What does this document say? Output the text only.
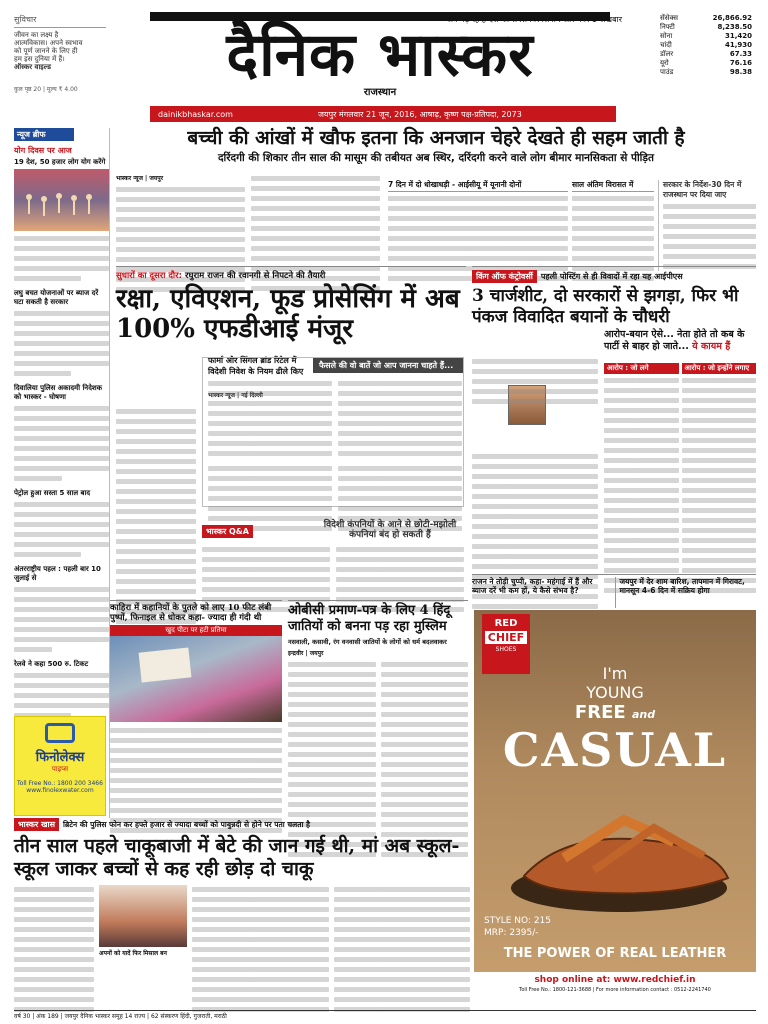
सुविचार
जीवन का लक्ष्य है
आत्मविकास। अपने स्वभाव
को पूर्ण जानने के लिए ही
हम इस दुनिया में हैं।
ऑस्कर वाइल्ड
कुल पृष्ठ 20 | मूल्य ₹ 4.00
अब पढ़ रहे हैं देश का सबसे विश्वसनीय और नंबर 1 अखबार
दैनिक भास्कर
राजस्थान
सेंसेक्स	26,866.92
निफ्टी	8,238.50
सोना	31,420
चांदी	41,930
डॉलर	67.33
यूरो	76.16
पाउंड	98.38
dainikbhaskar.com	जयपुर मंगलवार 21 जून, 2016, आषाढ़, कृष्ण पक्ष-प्रतिपदा, 2073
न्यूज ब्रीफ
योग दिवस पर आज
19 देश, 50 हजार लोग योग करेंगे
लघु बचत योजनाओं पर ब्याज दरें घटा सकती है सरकार
दिवालिया पुलिस अकादमी निदेशक को भास्कर - घोषणा
पेट्रोल हुआ सस्ता 5 साल बाद
अंतरराष्ट्रीय पहल : पहली बार 10 जुलाई से
रेलवे ने कहा 500 रु. टिकट
फिनोलेक्स
पाइप्स
Toll Free No.: 1800 200 3466
www.finolexwater.com
बच्ची की आंखों में खौफ इतना कि अनजान चेहरे देखते ही सहम जाती है
दरिंदगी की शिकार तीन साल की मासूम की तबीयत अब स्थिर, दरिंदगी करने वाले लोग बीमार मानसिकता से पीड़ित
भास्कर न्यूज | जयपुर
7 दिन में दो धोखाधड़ी - आईसीयू में यूनानी दोनों	साल अंतिम विरासत में	सरकार के निर्देश-30 दिन में राजस्थान पर दिया जाए
सुधारों का दूसरा दौर: रघुराम राजन की रवानगी से निपटने की तैयारी
रक्षा, एविएशन, फूड प्रोसेसिंग में अब 100% एफडीआई मंजूर
फार्मा और सिंगल ब्रांड रिटेल में विदेशी निवेश के नियम ढीले किए
भास्कर न्यूज | नई दिल्ली
फैसले की वो बातें जो आप जानना चाहते हैं...
भास्कर Q&A
विदेशी कंपनियों के आने से छोटी-मझोली कंपनियां बंद हो सकती हैं
किंग ऑफ कंट्रोवर्सी	पहली पोस्टिंग से ही विवादों में रहा यह आईपीएस
3 चार्जशीट, दो सरकारों से झगड़ा, फिर भी पंकज विवादित बयानों के चौधरी
आरोप-बयान ऐसे... नेता होते तो कब के पार्टी से बाहर हो जाते... ये कायम हैं
आरोप : जो लगे	आरोप : जो इन्होंने लगाए
राजन ने तोड़ी चुप्पी, कहा- महंगाई में हैं और ब्याज दरें भी कम हों, ये कैसे संभव है?
जयपुर में देर शाम बारिश, तापमान में गिरावट, मानसून 4-6 दिन में सक्रिय होगा
काहिरा में कहानियों के पुतले को लाए 10 फीट लंबी पुष्पों, फिनाइल से धोकर कहा- ज्यादा ही गंदी थी
खुद पीटा पर हटी प्रतिमा
ओबीसी प्रमाण-पत्र के लिए 4 हिंदू जातियों को बनना पड़ रहा मुस्लिम
नसवाली, कसावी, रंग वनवासी जातियों के लोगों को धर्म बदलवाकर
इन्द्रवीर | जयपुर
RED
CHIEF
SHOES
I'm
YOUNG
FREE and
CASUAL
STYLE NO: 215
MRP: 2395/-
THE POWER OF REAL LEATHER
shop online at: www.redchief.in
Toll Free No.: 1800-121-3688 | For more information contact : 0512-2241740
भास्कर खास	ब्रिटेन की पुलिस फोन कर हफ्ते हजार से ज्यादा बच्चों को पाबुन्नदी से होने पर पता चलता है
तीन साल पहले चाकूबाजी में बेटे की जान गई थी, मां अब स्कूल-स्कूल जाकर बच्चों से कह रही छोड़ दो चाकू
अपनों को यादें फिर मिसाल बन
वर्ष 30 | अंक 189 | जयपुर दैनिक भास्कर समूह 14 राज्य | 62 संस्करण हिंदी, गुजराती, मराठी
